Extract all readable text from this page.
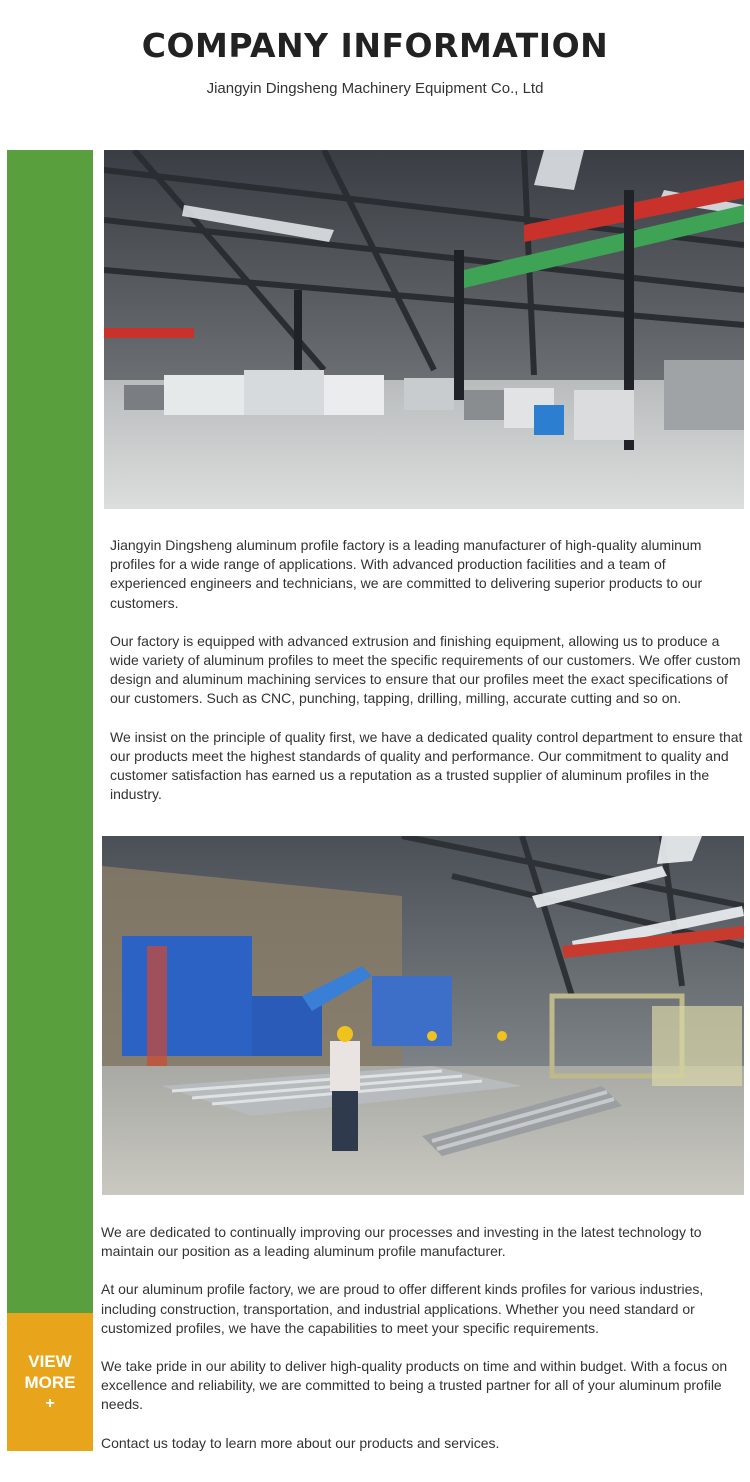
COMPANY INFORMATION
Jiangyin Dingsheng Machinery Equipment Co., Ltd
VIEW
MORE
+

Jiangyin Dingsheng aluminum profile factory is a leading manufacturer of high-quality aluminum profiles for a wide range of applications. With advanced production facilities and a team of experienced engineers and technicians, we are committed to delivering superior products to our customers.

Our factory is equipped with advanced extrusion and finishing equipment, allowing us to produce a wide variety of aluminum profiles to meet the specific requirements of our customers. We offer custom design and aluminum machining services to ensure that our profiles meet the exact specifications of our customers. Such as CNC, punching, tapping, drilling, milling, accurate cutting and so on.

We insist on the principle of quality first, we have a dedicated quality control department to ensure that our products meet the highest standards of quality and performance. Our commitment to quality and customer satisfaction has earned us a reputation as a trusted supplier of aluminum profiles in the industry.

We are dedicated to continually improving our processes and investing in the latest technology to maintain our position as a leading aluminum profile manufacturer.

At our aluminum profile factory, we are proud to offer different kinds profiles for various industries, including construction, transportation, and industrial applications. Whether you need standard or customized profiles, we have the capabilities to meet your specific requirements.

We take pride in our ability to deliver high-quality products on time and within budget. With a focus on excellence and reliability, we are committed to being a trusted partner for all of your aluminum profile needs.

Contact us today to learn more about our products and services.
